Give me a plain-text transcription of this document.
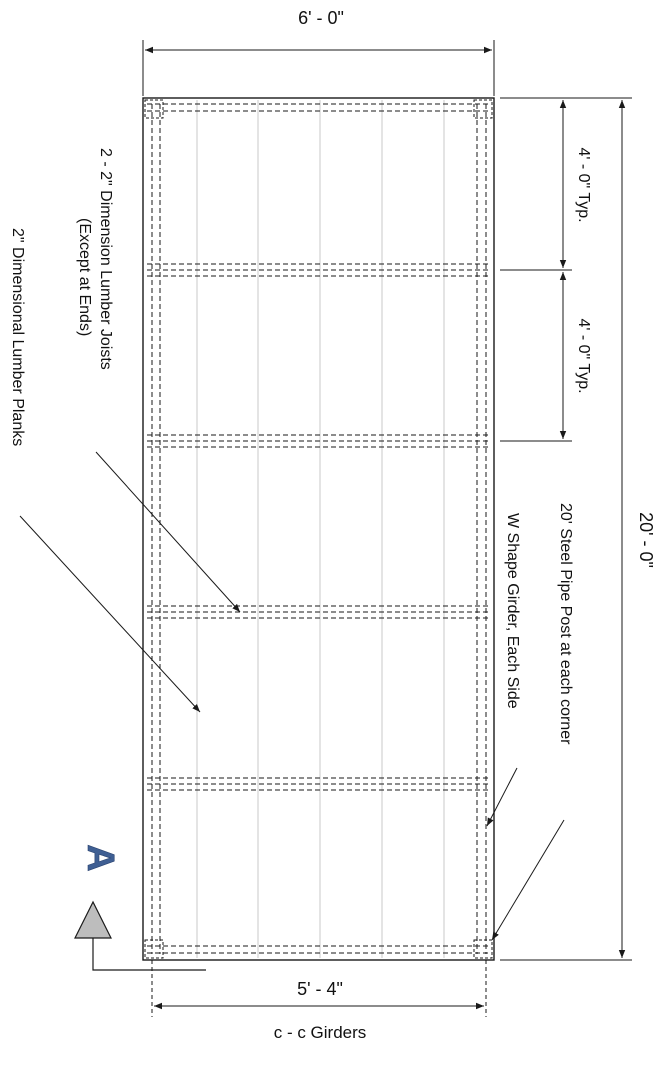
6' - 0"
20' - 0"
4' - 0" Typ.
4' - 0" Typ.
2 - 2" Dimension Lumber Joists
(Except at Ends)
2" Dimensional Lumber Planks
W Shape Girder, Each Side 20' Steel Pipe Post at each corner
5' - 4"
c - c Girders
A
